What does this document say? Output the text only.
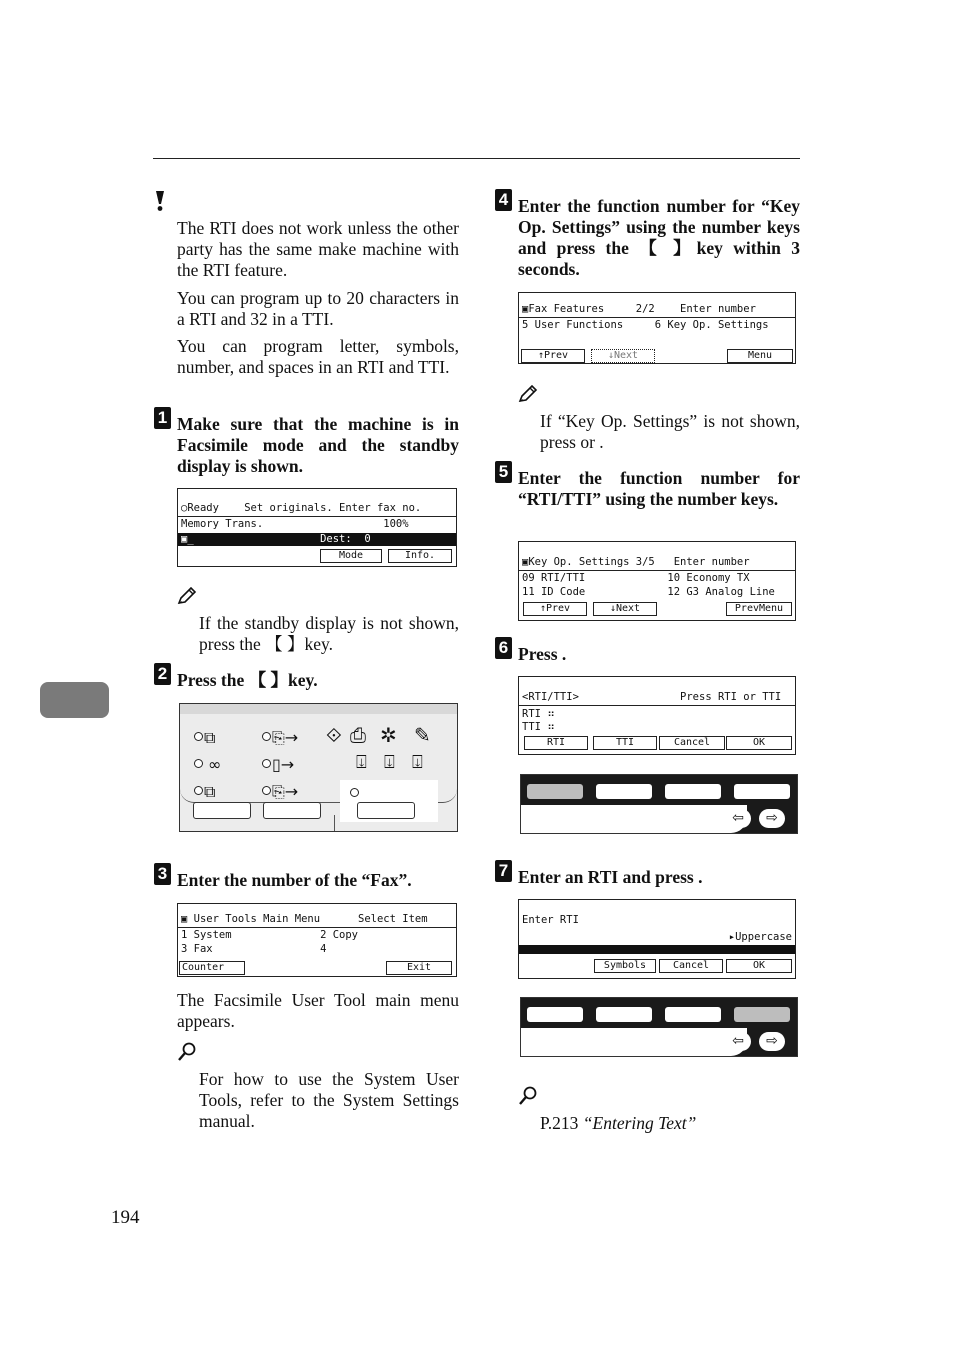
The RTI does not work unless the other party has the same make machine with the RTI feature.
You can program up to 20 characters in a RTI and 32 in a TTI.
You can program letter, symbols, number, and spaces in an RTI and TTI.
1 Make sure that the machine is in Facsimile mode and the standby display is shown.
○Ready    Set originals. Enter fax no.
Memory Trans.                   100%
▣_                    Dest:  0
Mode	Info.
If the standby display is not shown, press the 【 】key.
2 Press the 【 】key.
⧉
∞
⧉
⎘→
▯→
⎘→
⟐ ⎙ ✲ ✎
⍗ ⍗ ⍗
3 Enter the number of the “Fax”.
▣ User Tools Main Menu      Select Item
1 System              2 Copy
3 Fax                 4
Counter	Exit
The Facsimile User Tool main menu appears.
For how to use the System User Tools, refer to the System Settings manual.
4 Enter the function number for “Key Op. Settings” using the number keys and press the 【 】key within 3 seconds.
▣Fax Features     2/2    Enter number
5 User Functions     6 Key Op. Settings
↑Prev	↓Next	Menu
If “Key Op. Settings” is not shown, press or .
5 Enter the function number for “RTI/TTI” using the number keys.
▣Key Op. Settings 3/5   Enter number
09 RTI/TTI             10 Economy TX
11 ID Code             12 G3 Analog Line
↑Prev	↓Next	PrevMenu
6 Press .
<RTI/TTI>                Press RTI or TTI
RTI ⠶
TTI ⠶
RTI	TTI	Cancel	OK
⇦	⇨
7 Enter an RTI and press .
Enter RTI
▸Uppercase
Symbols	Cancel	OK
⇦	⇨
P.213 “Entering Text”
194
